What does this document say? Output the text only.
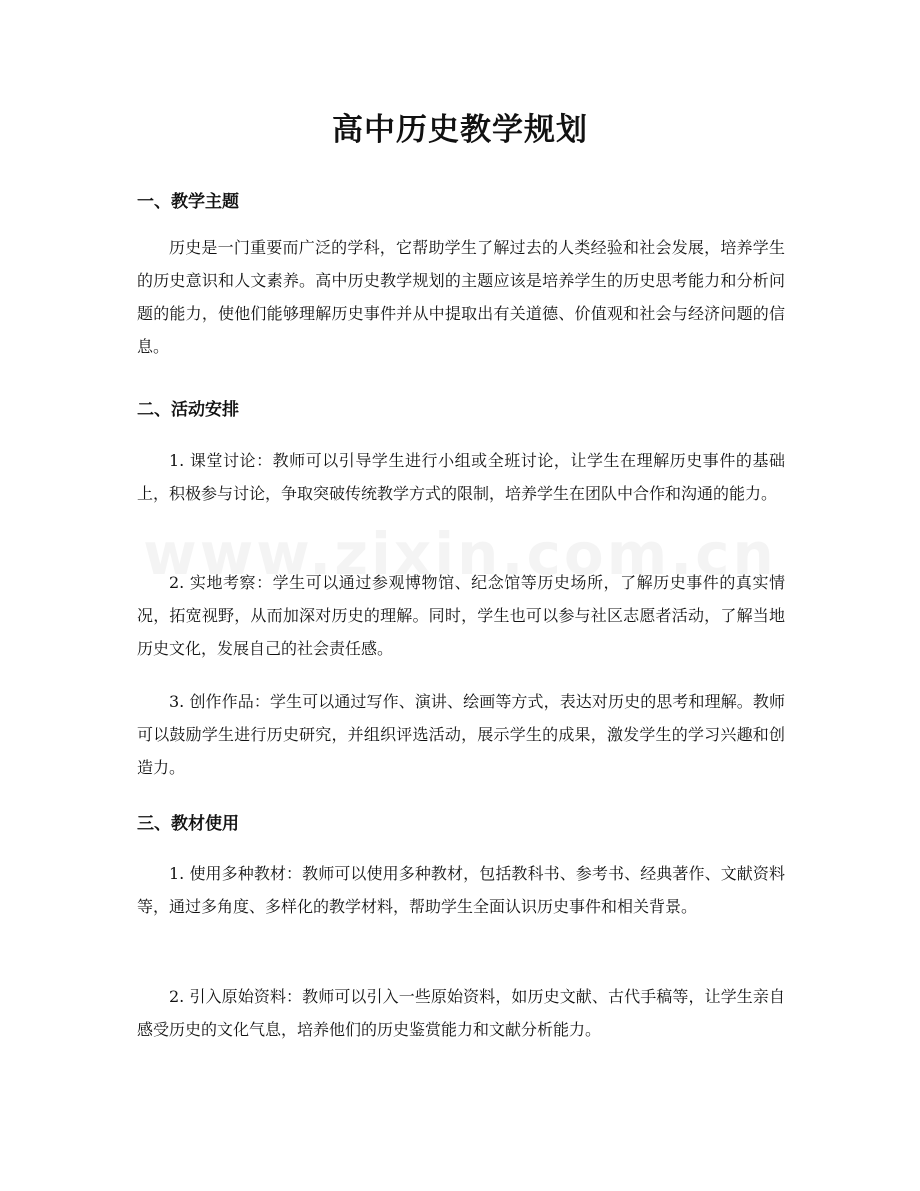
高中历史教学规划
一、教学主题

历史是一门重要而广泛的学科，它帮助学生了解过去的人类经验和社会发展，培养学生的历史意识和人文素养。高中历史教学规划的主题应该是培养学生的历史思考能力和分析问题的能力，使他们能够理解历史事件并从中提取出有关道德、价值观和社会与经济问题的信息。

二、活动安排

1. 课堂讨论：教师可以引导学生进行小组或全班讨论，让学生在理解历史事件的基础上，积极参与讨论，争取突破传统教学方式的限制，培养学生在团队中合作和沟通的能力。

2. 实地考察：学生可以通过参观博物馆、纪念馆等历史场所，了解历史事件的真实情况，拓宽视野，从而加深对历史的理解。同时，学生也可以参与社区志愿者活动，了解当地历史文化，发展自己的社会责任感。

3. 创作作品：学生可以通过写作、演讲、绘画等方式，表达对历史的思考和理解。教师可以鼓励学生进行历史研究，并组织评选活动，展示学生的成果，激发学生的学习兴趣和创造力。

三、教材使用

1. 使用多种教材：教师可以使用多种教材，包括教科书、参考书、经典著作、文献资料等，通过多角度、多样化的教学材料，帮助学生全面认识历史事件和相关背景。

2. 引入原始资料：教师可以引入一些原始资料，如历史文献、古代手稿等，让学生亲自感受历史的文化气息，培养他们的历史鉴赏能力和文献分析能力。
